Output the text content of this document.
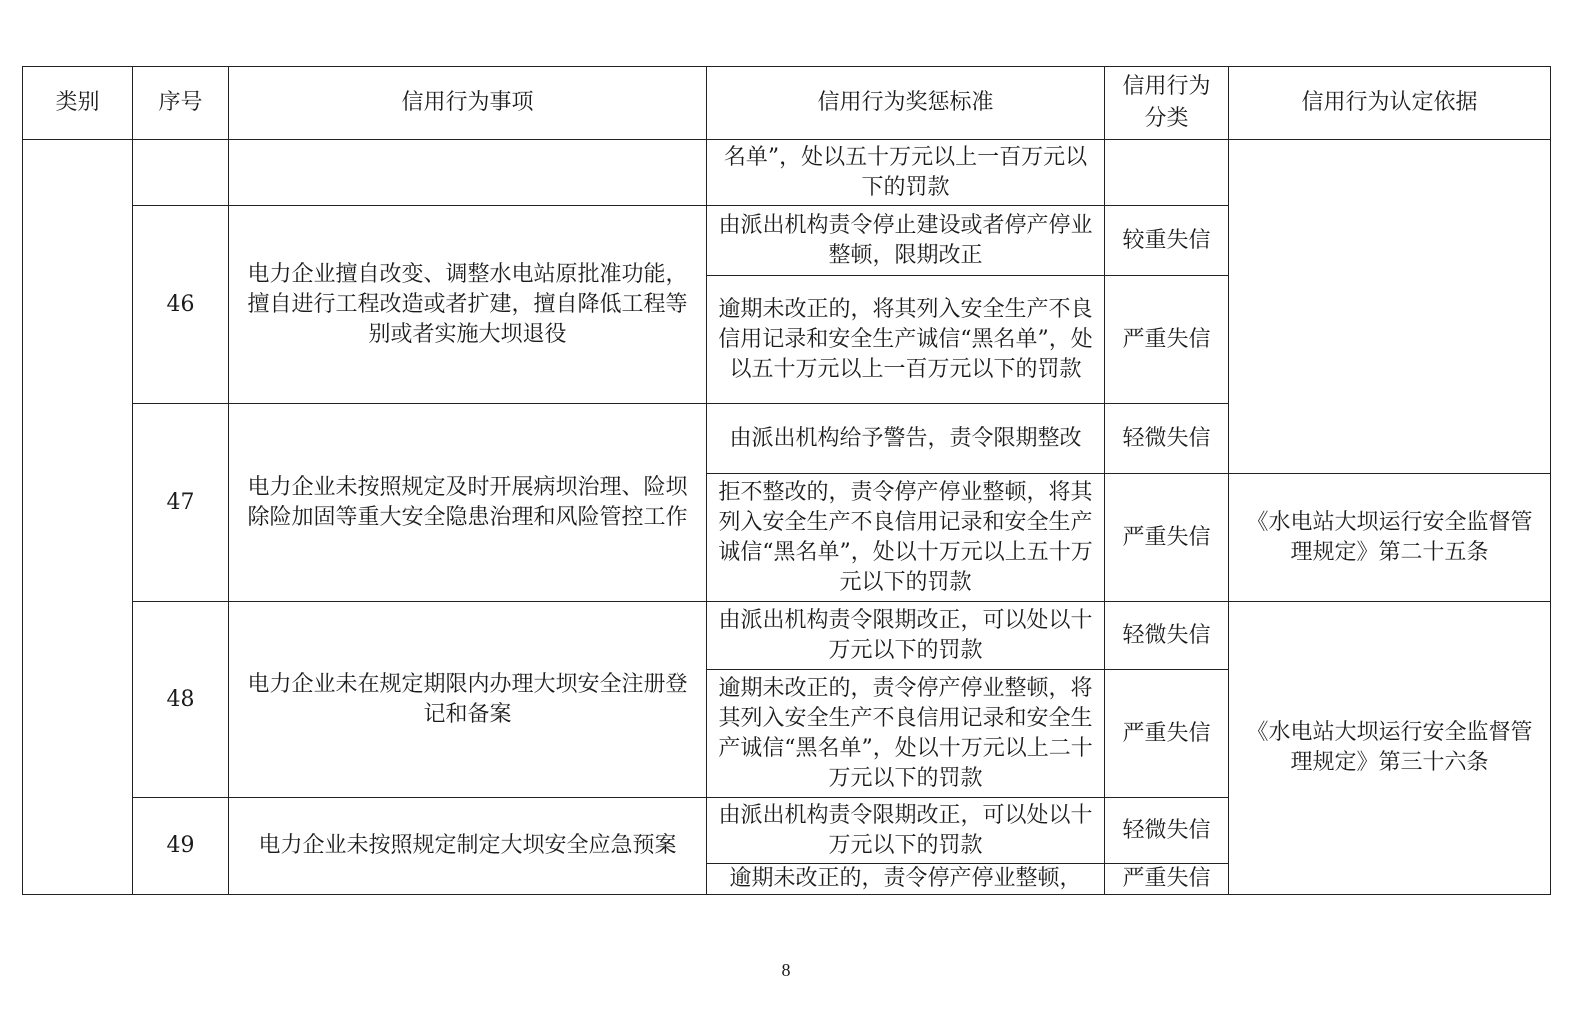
类别	序号	信用行为事项	信用行为奖惩标准	信用行为分类	信用行为认定依据
			名单”，处以五十万元以上一百万元以下的罚款		
	46	电力企业擅自改变、调整水电站原批准功能，擅自进行工程改造或者扩建，擅自降低工程等别或者实施大坝退役	由派出机构责令停止建设或者停产停业整顿，限期改正	较重失信	
			逾期未改正的，将其列入安全生产不良信用记录和安全生产诚信“黑名单”，处以五十万元以上一百万元以下的罚款	严重失信	
	47	电力企业未按照规定及时开展病坝治理、险坝除险加固等重大安全隐患治理和风险管控工作	由派出机构给予警告，责令限期整改	轻微失信	
			拒不整改的，责令停产停业整顿，将其列入安全生产不良信用记录和安全生产诚信“黑名单”，处以十万元以上五十万元以下的罚款	严重失信	《水电站大坝运行安全监督管理规定》第二十五条
	48	电力企业未在规定期限内办理大坝安全注册登记和备案	由派出机构责令限期改正，可以处以十万元以下的罚款	轻微失信	《水电站大坝运行安全监督管理规定》第三十六条
			逾期未改正的，责令停产停业整顿，将其列入安全生产不良信用记录和安全生产诚信“黑名单”，处以十万元以上二十万元以下的罚款	严重失信	
	49	电力企业未按照规定制定大坝安全应急预案	由派出机构责令限期改正，可以处以十万元以下的罚款	轻微失信	
			逾期未改正的，责令停产停业整顿，	严重失信	
8
